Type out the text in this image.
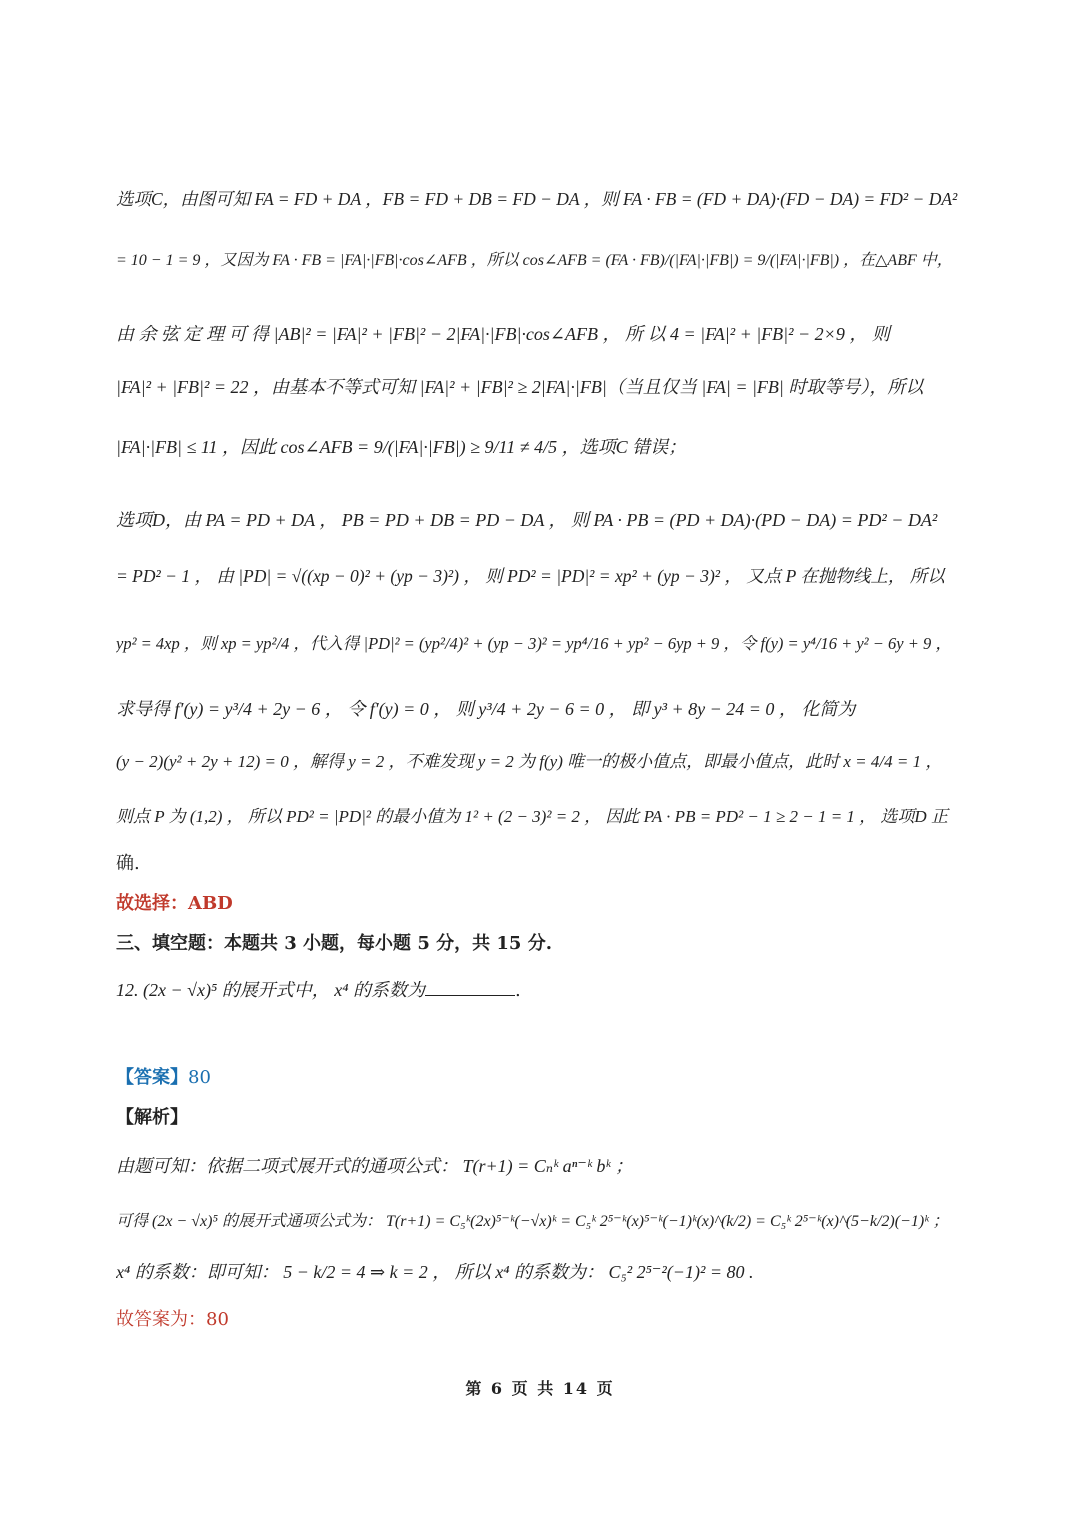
选项C，由图可知 FA = FD + DA ，FB = FD + DB = FD − DA ，则 FA · FB = (FD + DA)·(FD − DA) = FD² − DA²
= 10 − 1 = 9 ，又因为 FA · FB = |FA|·|FB|·cos∠AFB ，所以 cos∠AFB = (FA · FB)/(|FA|·|FB|) = 9/(|FA|·|FB|) ，在△ABF 中，
由 余 弦 定 理 可 得 |AB|² = |FA|² + |FB|² − 2|FA|·|FB|·cos∠AFB ， 所 以 4 = |FA|² + |FB|² − 2×9 ， 则
|FA|² + |FB|² = 22 ，由基本不等式可知 |FA|² + |FB|² ≥ 2|FA|·|FB|（当且仅当 |FA| = |FB| 时取等号），所以
|FA|·|FB| ≤ 11 ，因此 cos∠AFB = 9/(|FA|·|FB|) ≥ 9/11 ≠ 4/5 ，选项C 错误；
选项D，由 PA = PD + DA ， PB = PD + DB = PD − DA ， 则 PA · PB = (PD + DA)·(PD − DA) = PD² − DA²
= PD² − 1 ， 由 |PD| = √((xp − 0)² + (yp − 3)²) ， 则 PD² = |PD|² = xp² + (yp − 3)² ， 又点 P 在抛物线上， 所以
yp² = 4xp ，则 xp = yp²/4 ，代入得 |PD|² = (yp²/4)² + (yp − 3)² = yp⁴/16 + yp² − 6yp + 9 ，令 f(y) = y⁴/16 + y² − 6y + 9 ，
求导得 f′(y) = y³/4 + 2y − 6 ， 令 f′(y) = 0 ， 则 y³/4 + 2y − 6 = 0 ， 即 y³ + 8y − 24 = 0 ， 化简为
(y − 2)(y² + 2y + 12) = 0 ，解得 y = 2 ，不难发现 y = 2 为 f(y) 唯一的极小值点，即最小值点，此时 x = 4/4 = 1 ，
则点 P 为 (1,2) ， 所以 PD² = |PD|² 的最小值为 1² + (2 − 3)² = 2 ， 因此 PA · PB = PD² − 1 ≥ 2 − 1 = 1 ， 选项D 正
确.
故选择：ABD
三、填空题：本题共 3 小题，每小题 5 分，共 15 分.
12. (2x − √x)⁵ 的展开式中， x⁴ 的系数为	.
【答案】80
【解析】
由题可知：依据二项式展开式的通项公式： T(r+1) = Cₙᵏ aⁿ⁻ᵏ bᵏ ；
可得 (2x − √x)⁵ 的展开式通项公式为： T(r+1) = C₅ᵏ(2x)⁵⁻ᵏ(−√x)ᵏ = C₅ᵏ 2⁵⁻ᵏ(x)⁵⁻ᵏ(−1)ᵏ(x)^(k/2) = C₅ᵏ 2⁵⁻ᵏ(x)^(5−k/2)(−1)ᵏ ；
x⁴ 的系数：即可知： 5 − k/2 = 4 ⇒ k = 2 ， 所以 x⁴ 的系数为： C₅² 2⁵⁻²(−1)² = 80 .
故答案为：80
第 6 页 共 14 页
